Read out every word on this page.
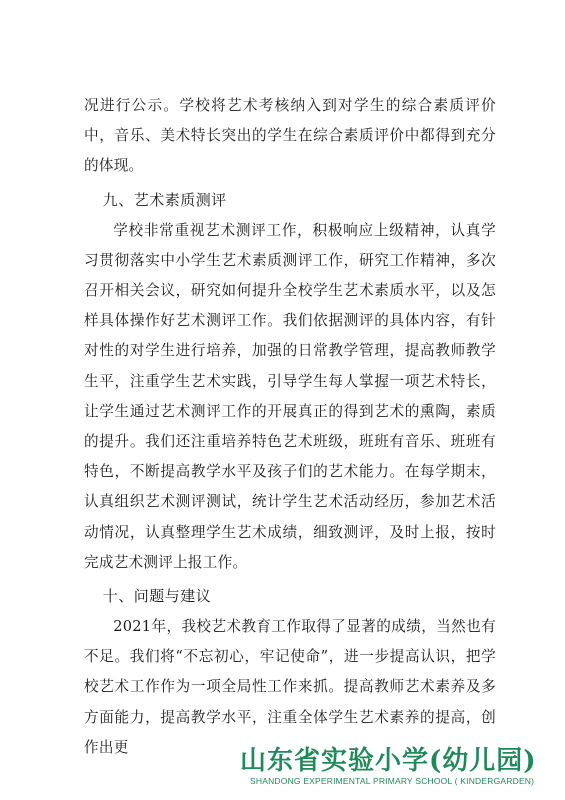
况进行公示。学校将艺术考核纳入到对学生的综合素质评价中，音乐、美术特长突出的学生在综合素质评价中都得到充分的体现。

九、艺术素质测评

学校非常重视艺术测评工作，积极响应上级精神，认真学习贯彻落实中小学生艺术素质测评工作，研究工作精神，多次召开相关会议，研究如何提升全校学生艺术素质水平，以及怎样具体操作好艺术测评工作。我们依据测评的具体内容，有针对性的对学生进行培养，加强的日常教学管理，提高教师教学生平，注重学生艺术实践，引导学生每人掌握一项艺术特长，让学生通过艺术测评工作的开展真正的得到艺术的熏陶，素质的提升。我们还注重培养特色艺术班级，班班有音乐、班班有特色，不断提高教学水平及孩子们的艺术能力。在每学期末，认真组织艺术测评测试，统计学生艺术活动经历，参加艺术活动情况，认真整理学生艺术成绩，细致测评，及时上报，按时完成艺术测评上报工作。

十、问题与建议

2021年，我校艺术教育工作取得了显著的成绩，当然也有不足。我们将“不忘初心，牢记使命”，进一步提高认识，把学校艺术工作作为一项全局性工作来抓。提高教师艺术素养及多方面能力，提高教学水平，注重全体学生艺术素养的提高，创作出更	山东省实验小学(幼儿园)
SHANDONG EXPERIMENTAL PRIMARY SCHOOL ( KINDERGARDEN)
